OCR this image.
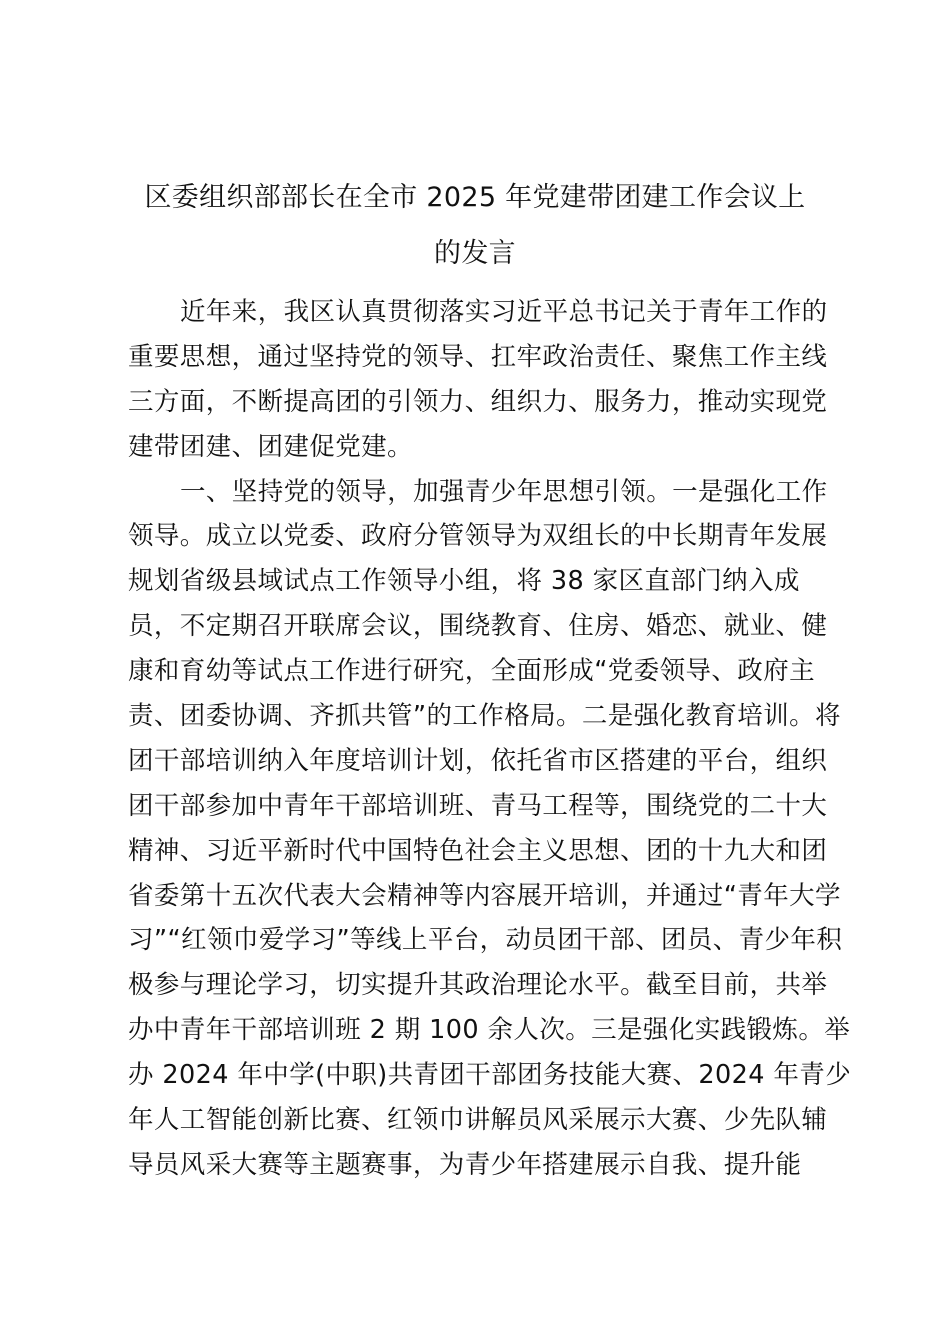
区委组织部部长在全市 2025 年党建带团建工作会议上
的发言
近年来，我区认真贯彻落实习近平总书记关于青年工作的
重要思想，通过坚持党的领导、扛牢政治责任、聚焦工作主线
三方面，不断提高团的引领力、组织力、服务力，推动实现党
建带团建、团建促党建。
一、坚持党的领导，加强青少年思想引领。一是强化工作
领导。成立以党委、政府分管领导为双组长的中长期青年发展
规划省级县域试点工作领导小组，将 38 家区直部门纳入成
员，不定期召开联席会议，围绕教育、住房、婚恋、就业、健
康和育幼等试点工作进行研究，全面形成“党委领导、政府主
责、团委协调、齐抓共管”的工作格局。二是强化教育培训。将
团干部培训纳入年度培训计划，依托省市区搭建的平台，组织
团干部参加中青年干部培训班、青马工程等，围绕党的二十大
精神、习近平新时代中国特色社会主义思想、团的十九大和团
省委第十五次代表大会精神等内容展开培训，并通过“青年大学
习”“红领巾爱学习”等线上平台，动员团干部、团员、青少年积
极参与理论学习，切实提升其政治理论水平。截至目前，共举
办中青年干部培训班 2 期 100 余人次。三是强化实践锻炼。举
办 2024 年中学(中职)共青团干部团务技能大赛、2024 年青少
年人工智能创新比赛、红领巾讲解员风采展示大赛、少先队辅
导员风采大赛等主题赛事，为青少年搭建展示自我、提升能
